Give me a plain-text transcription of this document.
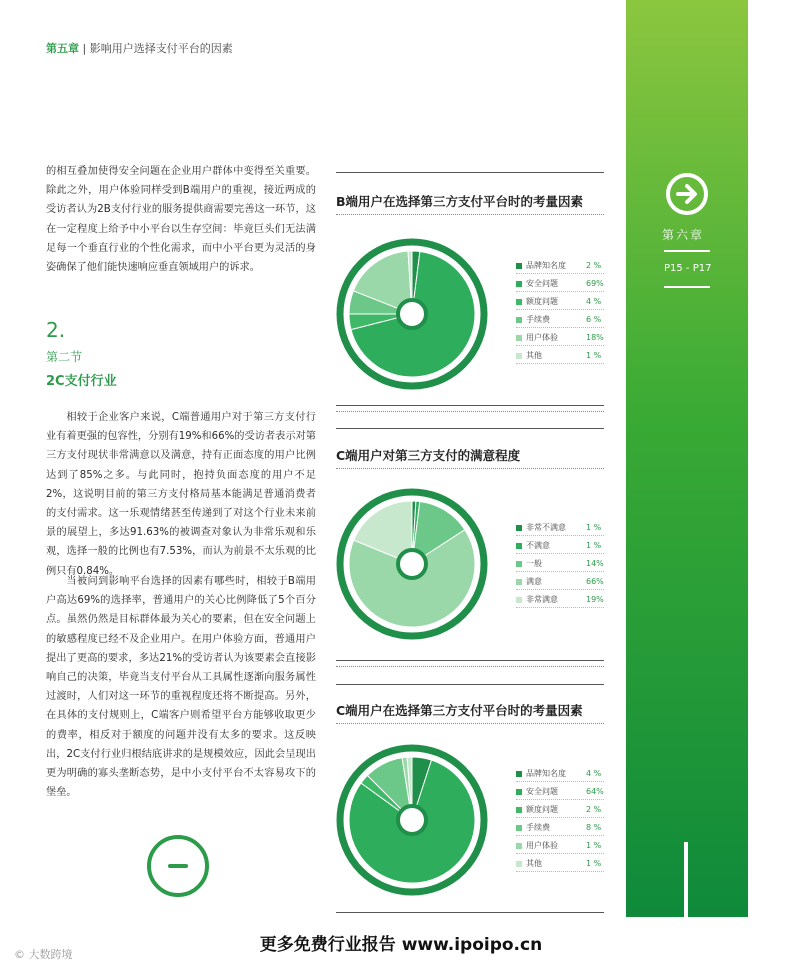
第五章 | 影响用户选择支付平台的因素
的相互叠加使得安全问题在企业用户群体中变得至关重要。除此之外，用户体验同样受到B端用户的重视，接近两成的受访者认为2B支付行业的服务提供商需要完善这一环节，这在一定程度上给予中小平台以生存空间：毕竟巨头们无法满足每一个垂直行业的个性化需求，而中小平台更为灵活的身姿确保了他们能快速响应垂直领域用户的诉求。
2.
第二节
2C支付行业
相较于企业客户来说，C端普通用户对于第三方支付行业有着更强的包容性，分别有19%和66%的受访者表示对第三方支付现状非常满意以及满意，持有正面态度的用户比例达到了85%之多。与此同时，抱持负面态度的用户不足2%，这说明目前的第三方支付格局基本能满足普通消费者的支付需求。这一乐观情绪甚至传递到了对这个行业未来前景的展望上，多达91.63%的被调查对象认为非常乐观和乐观，选择一般的比例也有7.53%，而认为前景不太乐观的比例只有0.84%。
当被问到影响平台选择的因素有哪些时，相较于B端用户高达69%的选择率，普通用户的关心比例降低了5个百分点。虽然仍然是目标群体最为关心的要素，但在安全问题上的敏感程度已经不及企业用户。在用户体验方面，普通用户提出了更高的要求，多达21%的受访者认为该要素会直接影响自己的决策，毕竟当支付平台从工具属性逐渐向服务属性过渡时，人们对这一环节的重视程度还将不断提高。另外，在具体的支付规则上，C端客户则希望平台方能够收取更少的费率，相反对于额度的问题并没有太多的要求。这反映出，2C支付行业归根结底讲求的是规模效应，因此会呈现出更为明确的寡头垄断态势，是中小支付平台不太容易攻下的堡垒。
B端用户在选择第三方支付平台时的考量因素
品牌知名度	2 %
安全问题	69%
额度问题	4 %
手续费	6 %
用户体验	18%
其他	1 %
C端用户对第三方支付的满意程度
非常不满意	1 %
不满意	1 %
一般	14%
满意	66%
非常满意	19%
C端用户在选择第三方支付平台时的考量因素
品牌知名度	4 %
安全问题	64%
额度问题	2 %
手续费	8 %
用户体验	1 %
其他	1 %
第六章
P15 - P17
更多免费行业报告 www.ipoipo.cn
© 大数跨境
